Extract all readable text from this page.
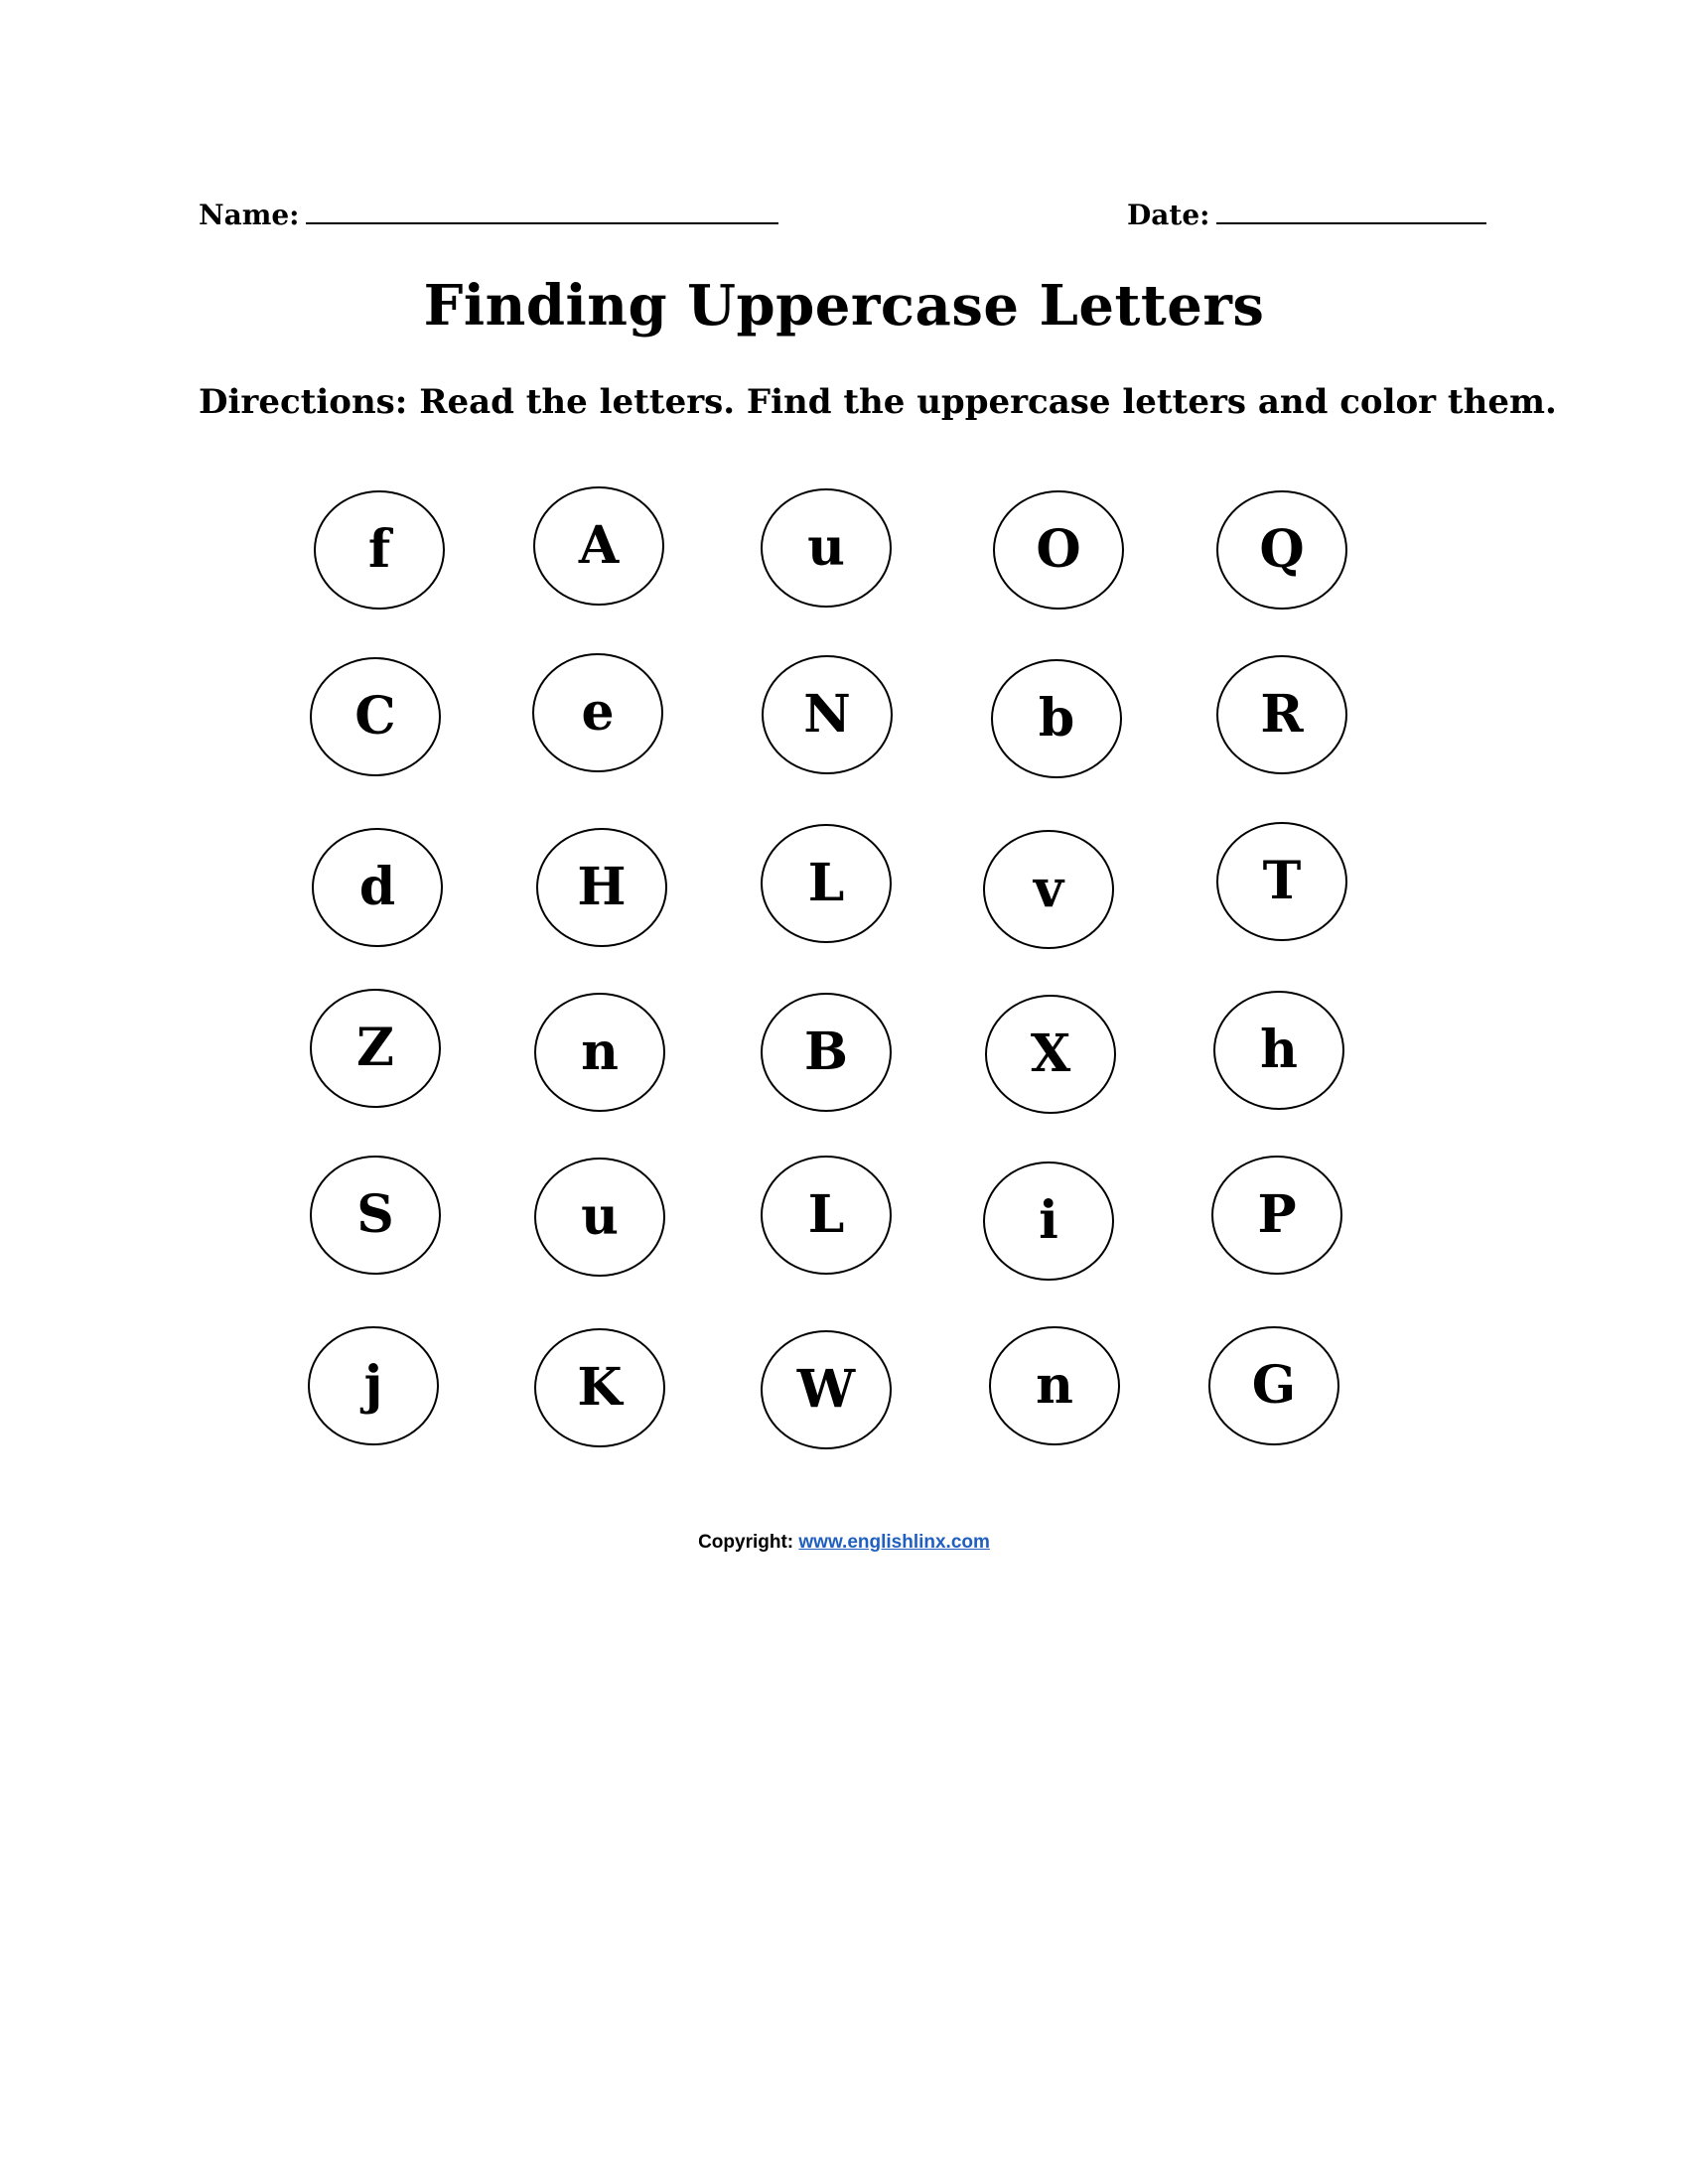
Name:	Date:
Finding Uppercase Letters
Directions: Read the letters. Find the uppercase letters and color them.
f	A	u	O	Q
C	e	N	b	R
d	H	L	v	T
Z	n	B	X	h
S	u	L	i	P
j	K	W	n	G
Copyright: www.englishlinx.com
